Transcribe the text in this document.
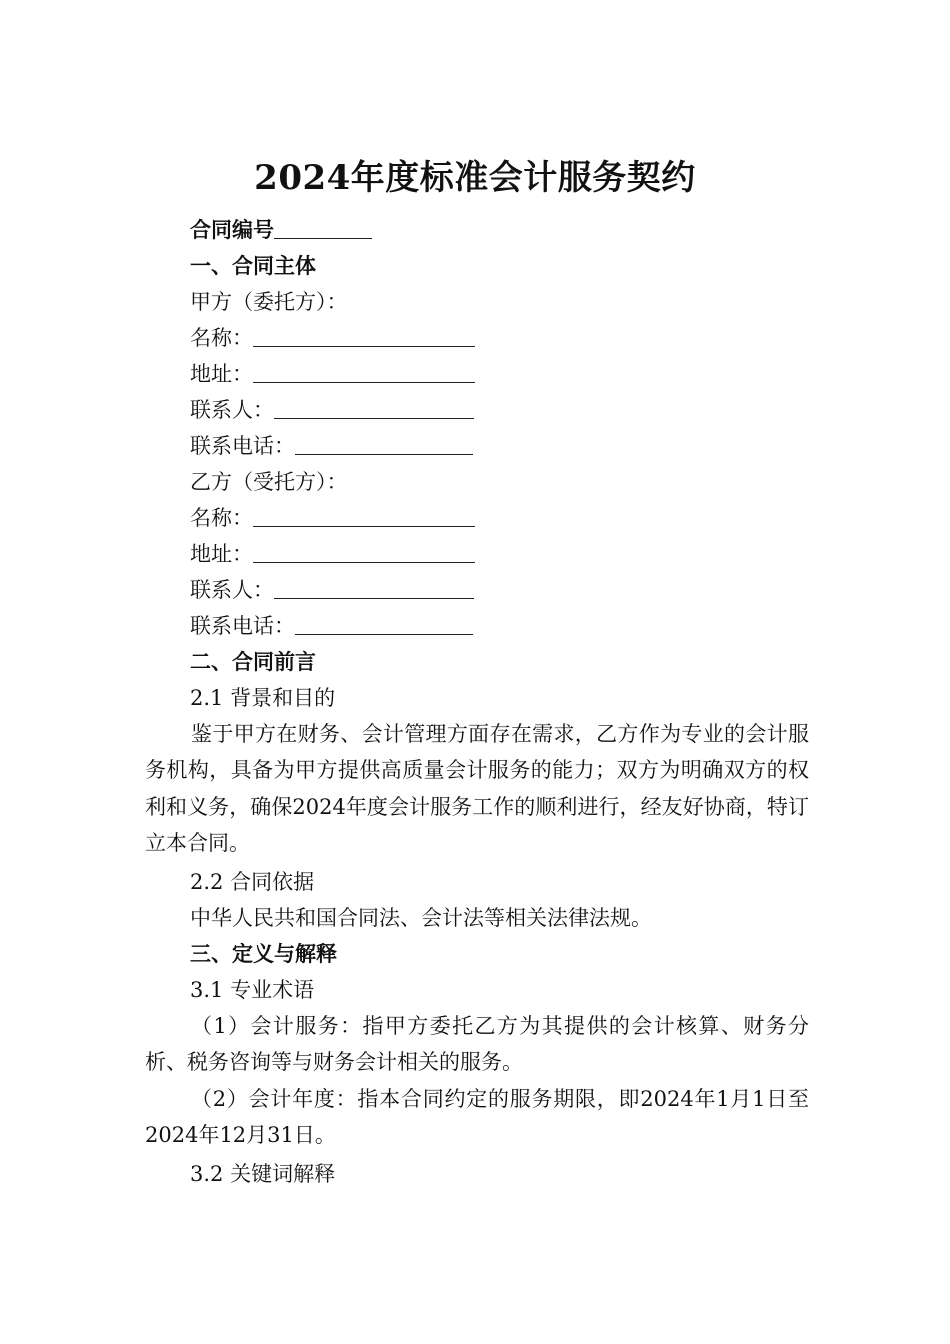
2024年度标准会计服务契约
合同编号
一、合同主体
甲方（委托方）：
名称：
地址：
联系人：
联系电话：
乙方（受托方）：
名称：
地址：
联系人：
联系电话：
二、合同前言
2.1 背景和目的

鉴于甲方在财务、会计管理方面存在需求，乙方作为专业的会计服务机构，具备为甲方提供高质量会计服务的能力；双方为明确双方的权利和义务，确保2024年度会计服务工作的顺利进行，经友好协商，特订立本合同。

2.2 合同依据
中华人民共和国合同法、会计法等相关法律法规。
三、定义与解释
3.1 专业术语

（1）会计服务：指甲方委托乙方为其提供的会计核算、财务分析、税务咨询等与财务会计相关的服务。

（2）会计年度：指本合同约定的服务期限，即2024年1月1日至2024年12月31日。

3.2 关键词解释
